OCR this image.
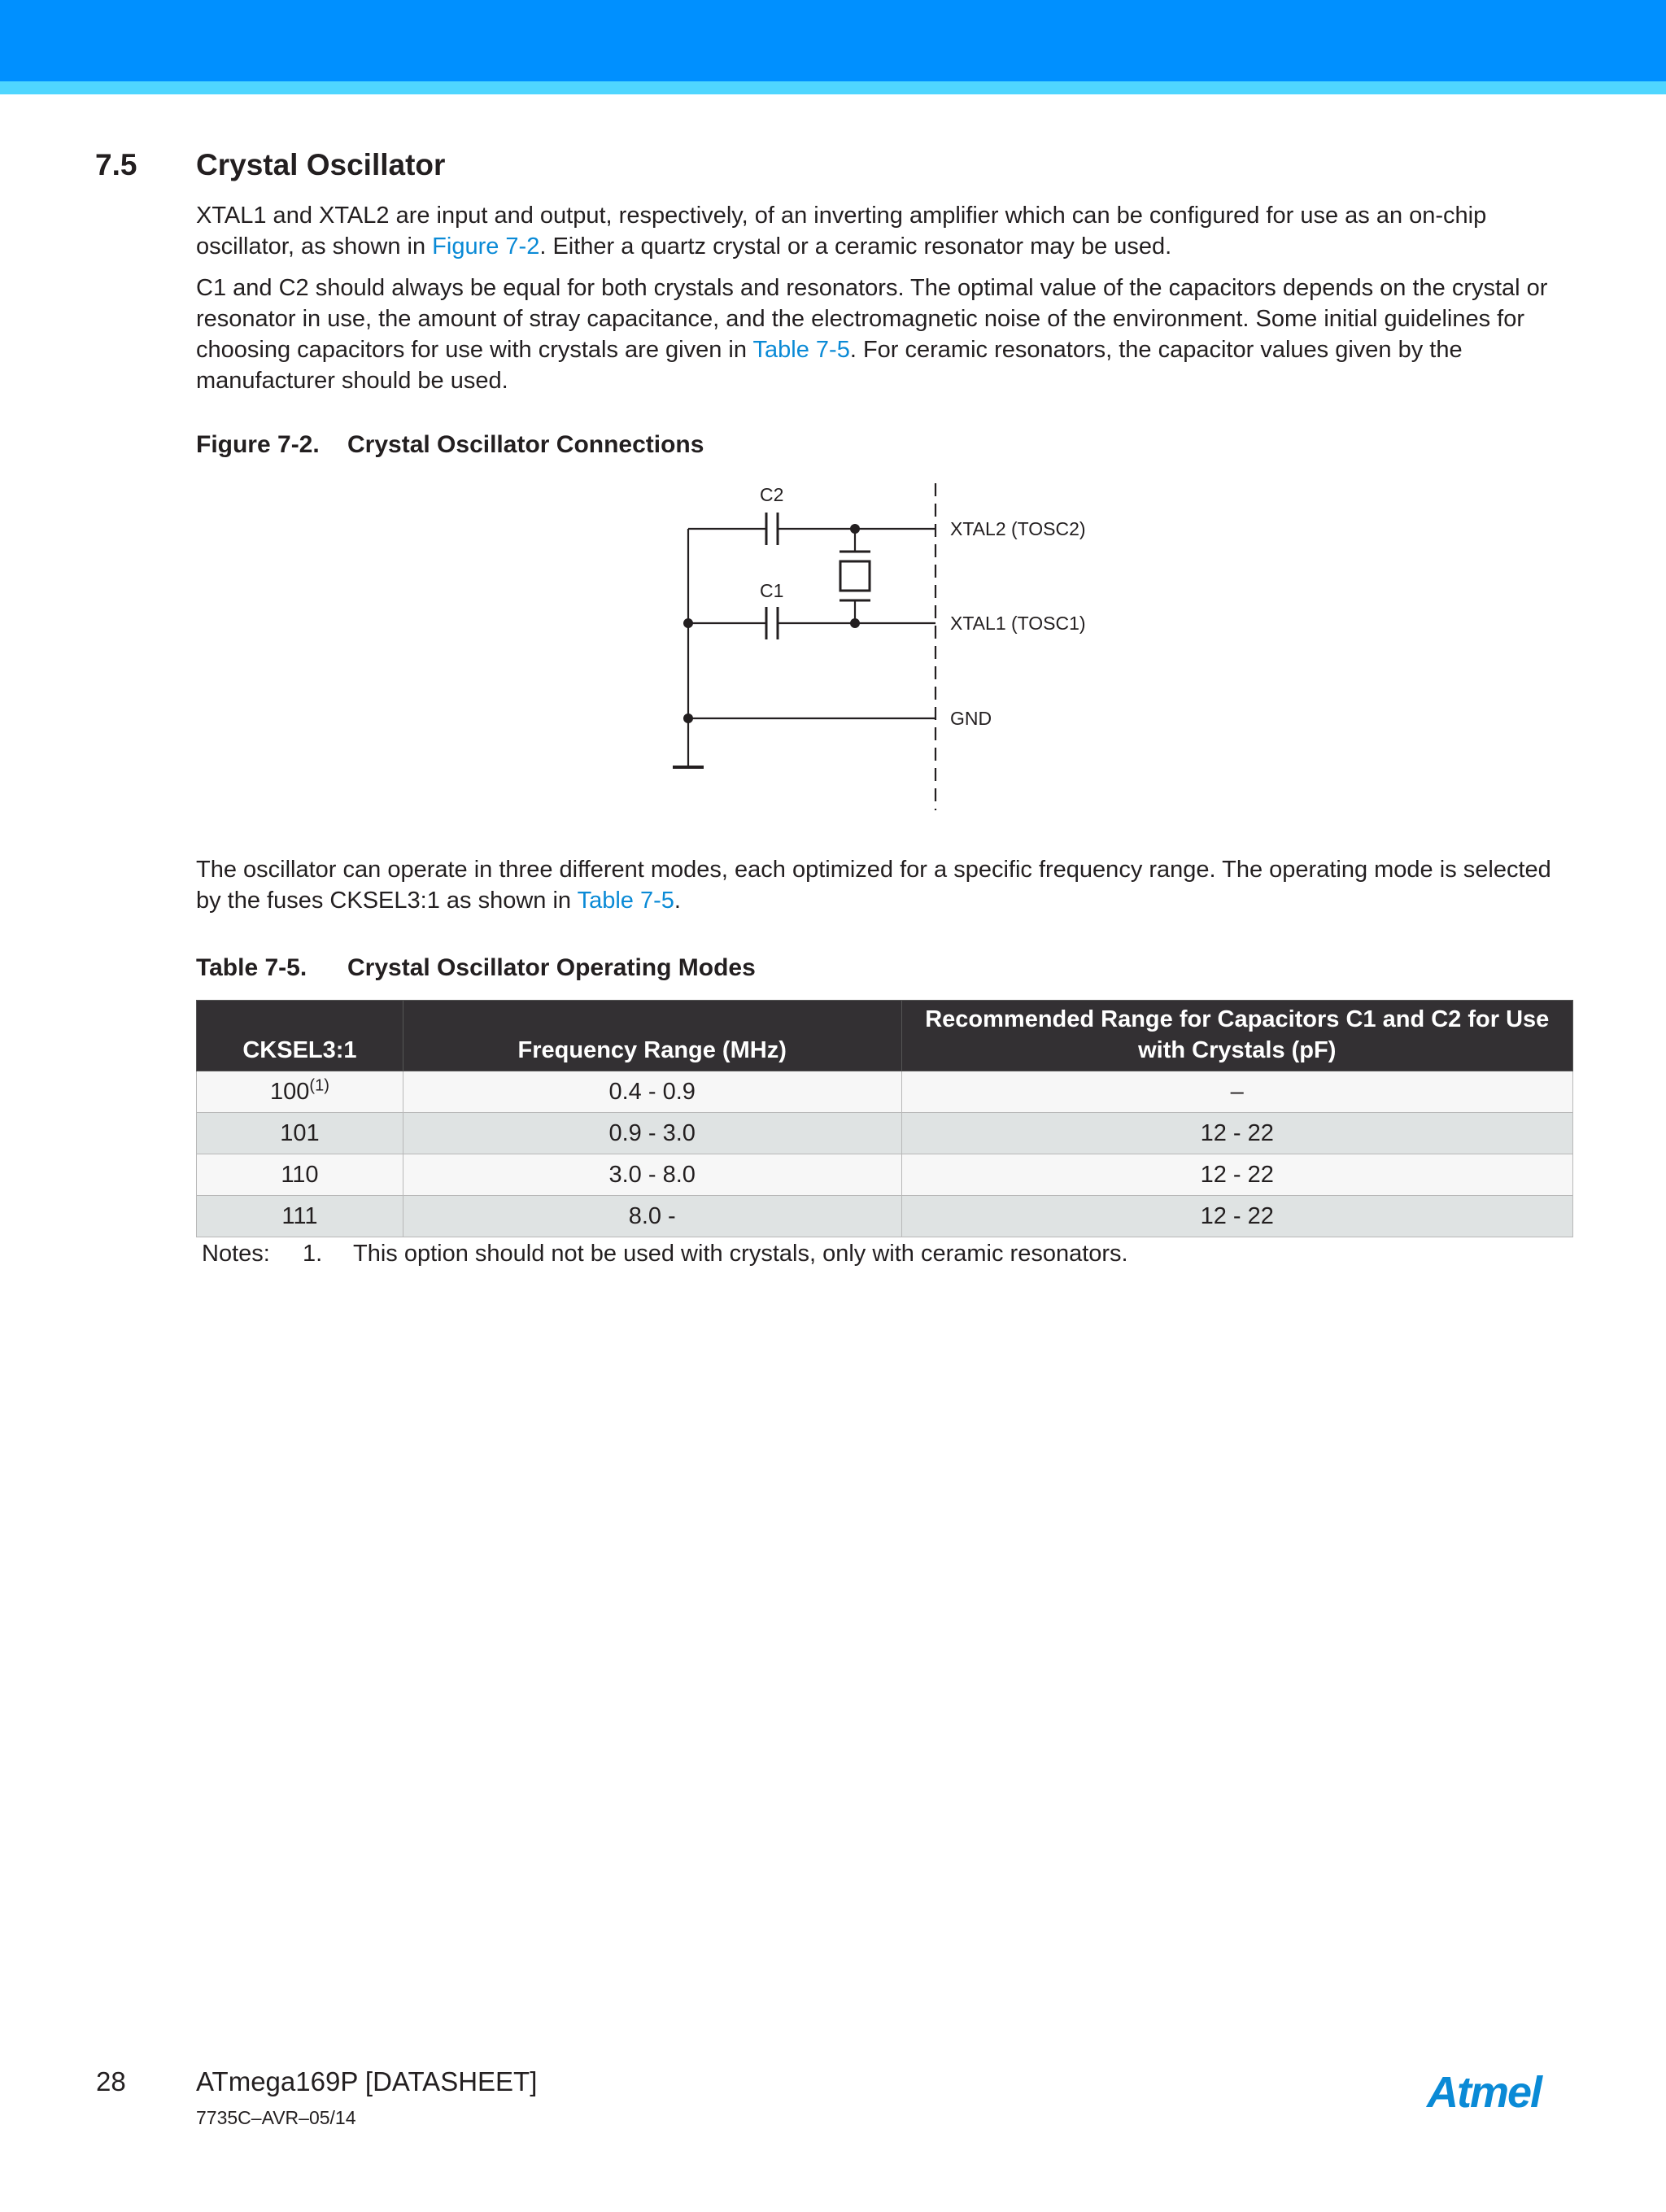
7.5 Crystal Oscillator

XTAL1 and XTAL2 are input and output, respectively, of an inverting amplifier which can be configured for use as an on-chip oscillator, as shown in Figure 7-2. Either a quartz crystal or a ceramic resonator may be used.

C1 and C2 should always be equal for both crystals and resonators. The optimal value of the capacitors depends on the crystal or resonator in use, the amount of stray capacitance, and the electromagnetic noise of the environment. Some initial guidelines for choosing capacitors for use with crystals are given in Table 7-5. For ceramic resonators, the capacitor values given by the manufacturer should be used.

Figure 7-2. Crystal Oscillator Connections
C2
C1
XTAL2 (TOSC2)
XTAL1 (TOSC1)
GND

The oscillator can operate in three different modes, each optimized for a specific frequency range. The operating mode is selected by the fuses CKSEL3:1 as shown in Table 7-5.

Table 7-5. Crystal Oscillator Operating Modes
CKSEL3:1	Frequency Range (MHz)	Recommended Range for Capacitors C1 and C2 for Use
with Crystals (pF)
100$^{(1)}$	0.4 - 0.9	–
101	0.9 - 3.0	12 - 22
110	3.0 - 8.0	12 - 22
111	8.0 -	12 - 22
Notes: 1. This option should not be used with crystals, only with ceramic resonators.
28	ATmega169P [DATASHEET]
7735C–AVR–05/14
Atmel
